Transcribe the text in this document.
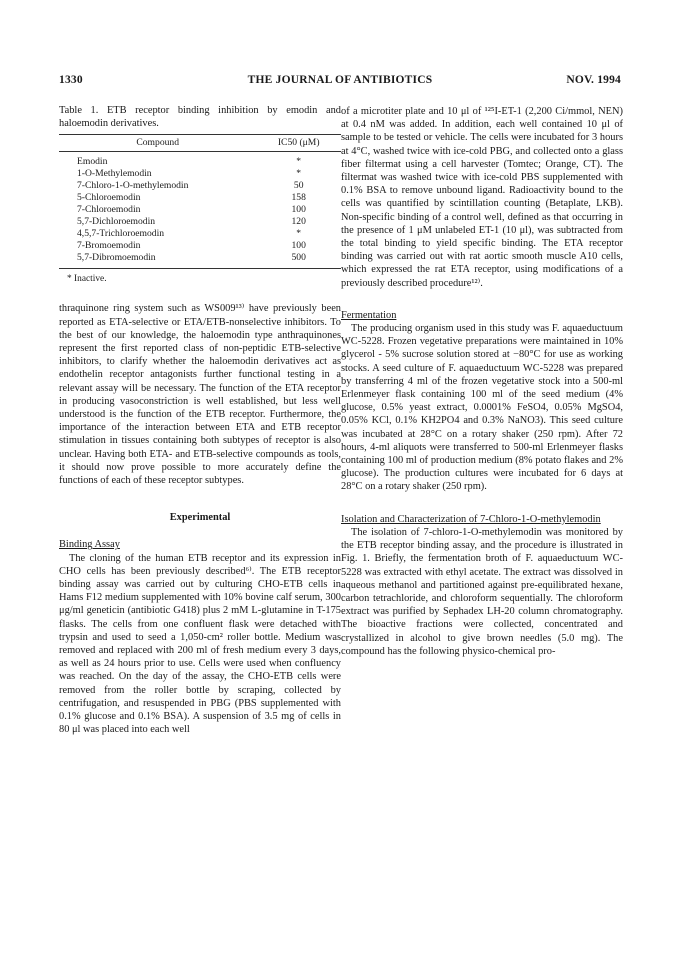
1330	THE JOURNAL OF ANTIBIOTICS	NOV. 1994

Table 1. ETB receptor binding inhibition by emodin and haloemodin derivatives.

Compound	IC50 (μM)
Emodin	*
1-O-Methylemodin	*
7-Chloro-1-O-methylemodin	50
5-Chloroemodin	158
7-Chloroemodin	100
5,7-Dichloroemodin	120
4,5,7-Trichloroemodin	*
7-Bromoemodin	100
5,7-Dibromoemodin	500

* Inactive.

thraquinone ring system such as WS009¹³⁾ have previously been reported as ETA-selective or ETA/ETB-nonselective inhibitors. To the best of our knowledge, the haloemodin type anthraquinones represent the first reported class of non-peptidic ETB-selective inhibitors, to clarify whether the haloemodin derivatives act as endothelin receptor antagonists further functional testing in a relevant assay will be necessary. The function of the ETA receptor in producing vasoconstriction is well established, but less well understood is the function of the ETB receptor. Furthermore, the importance of the interaction between ETA and ETB receptor stimulation in tissues containing both subtypes of receptor is also unclear. Having both ETA- and ETB-selective compounds as tools, it should now prove possible to more accurately define the functions of each of these receptor subtypes.

Experimental

Binding Assay

The cloning of the human ETB receptor and its expression in CHO cells has been previously described⁶⁾. The ETB receptor binding assay was carried out by culturing CHO-ETB cells in Hams F12 medium supplemented with 10% bovine calf serum, 300 μg/ml geneticin (antibiotic G418) plus 2 mM L-glutamine in T-175 flasks. The cells from one confluent flask were detached with trypsin and used to seed a 1,050-cm² roller bottle. Medium was removed and replaced with 200 ml of fresh medium every 3 days, as well as 24 hours prior to use. Cells were used when confluency was reached. On the day of the assay, the CHO-ETB cells were removed from the roller bottle by scraping, collected by centrifugation, and resuspended in PBG (PBS supplemented with 0.1% glucose and 0.1% BSA). A suspension of 3.5 mg of cells in 80 μl was placed into each well

of a microtiter plate and 10 μl of ¹²⁵I-ET-1 (2,200 Ci/mmol, NEN) at 0.4 nM was added. In addition, each well contained 10 μl of sample to be tested or vehicle. The cells were incubated for 3 hours at 4°C, washed twice with ice-cold PBG, and collected onto a glass fiber filtermat using a cell harvester (Tomtec; Orange, CT). The filtermat was washed twice with ice-cold PBS supplemented with 0.1% BSA to remove unbound ligand. Radioactivity bound to the cells was quantified by scintillation counting (Betaplate, LKB). Non-specific binding of a control well, defined as that occurring in the presence of 1 μM unlabeled ET-1 (10 μl), was subtracted from the total binding to yield specific binding. The ETA receptor binding was carried out with rat aortic smooth muscle A10 cells, which expressed the rat ETA receptor, using modifications of a previously described procedure¹²⁾.

Fermentation

The producing organism used in this study was F. aquaeductuum WC-5228. Frozen vegetative preparations were maintained in 10% glycerol - 5% sucrose solution stored at −80°C for use as working stocks. A seed culture of F. aquaeductuum WC-5228 was prepared by transferring 4 ml of the frozen vegetative stock into a 500-ml Erlenmeyer flask containing 100 ml of the seed medium (4% glucose, 0.5% yeast extract, 0.0001% FeSO4, 0.05% MgSO4, 0.05% KCl, 0.1% KH2PO4 and 0.3% NaNO3). This seed culture was incubated at 28°C on a rotary shaker (250 rpm). After 72 hours, 4-ml aliquots were transferred to 500-ml Erlenmeyer flasks containing 100 ml of production medium (8% potato flakes and 2% glucose). The production cultures were incubated for 6 days at 28°C on a rotary shaker (250 rpm).

Isolation and Characterization of 7-Chloro-1-O-methylemodin

The isolation of 7-chloro-1-O-methylemodin was monitored by the ETB receptor binding assay, and the procedure is illustrated in Fig. 1. Briefly, the fermentation broth of F. aquaeductuum WC-5228 was extracted with ethyl acetate. The extract was dissolved in aqueous methanol and partitioned against pre-equilibrated hexane, carbon tetrachloride, and chloroform sequentially. The chloroform extract was purified by Sephadex LH-20 column chromatography. The bioactive fractions were collected, concentrated and crystallized in alcohol to give brown needles (5.0 mg). The compound has the following physico-chemical pro-
